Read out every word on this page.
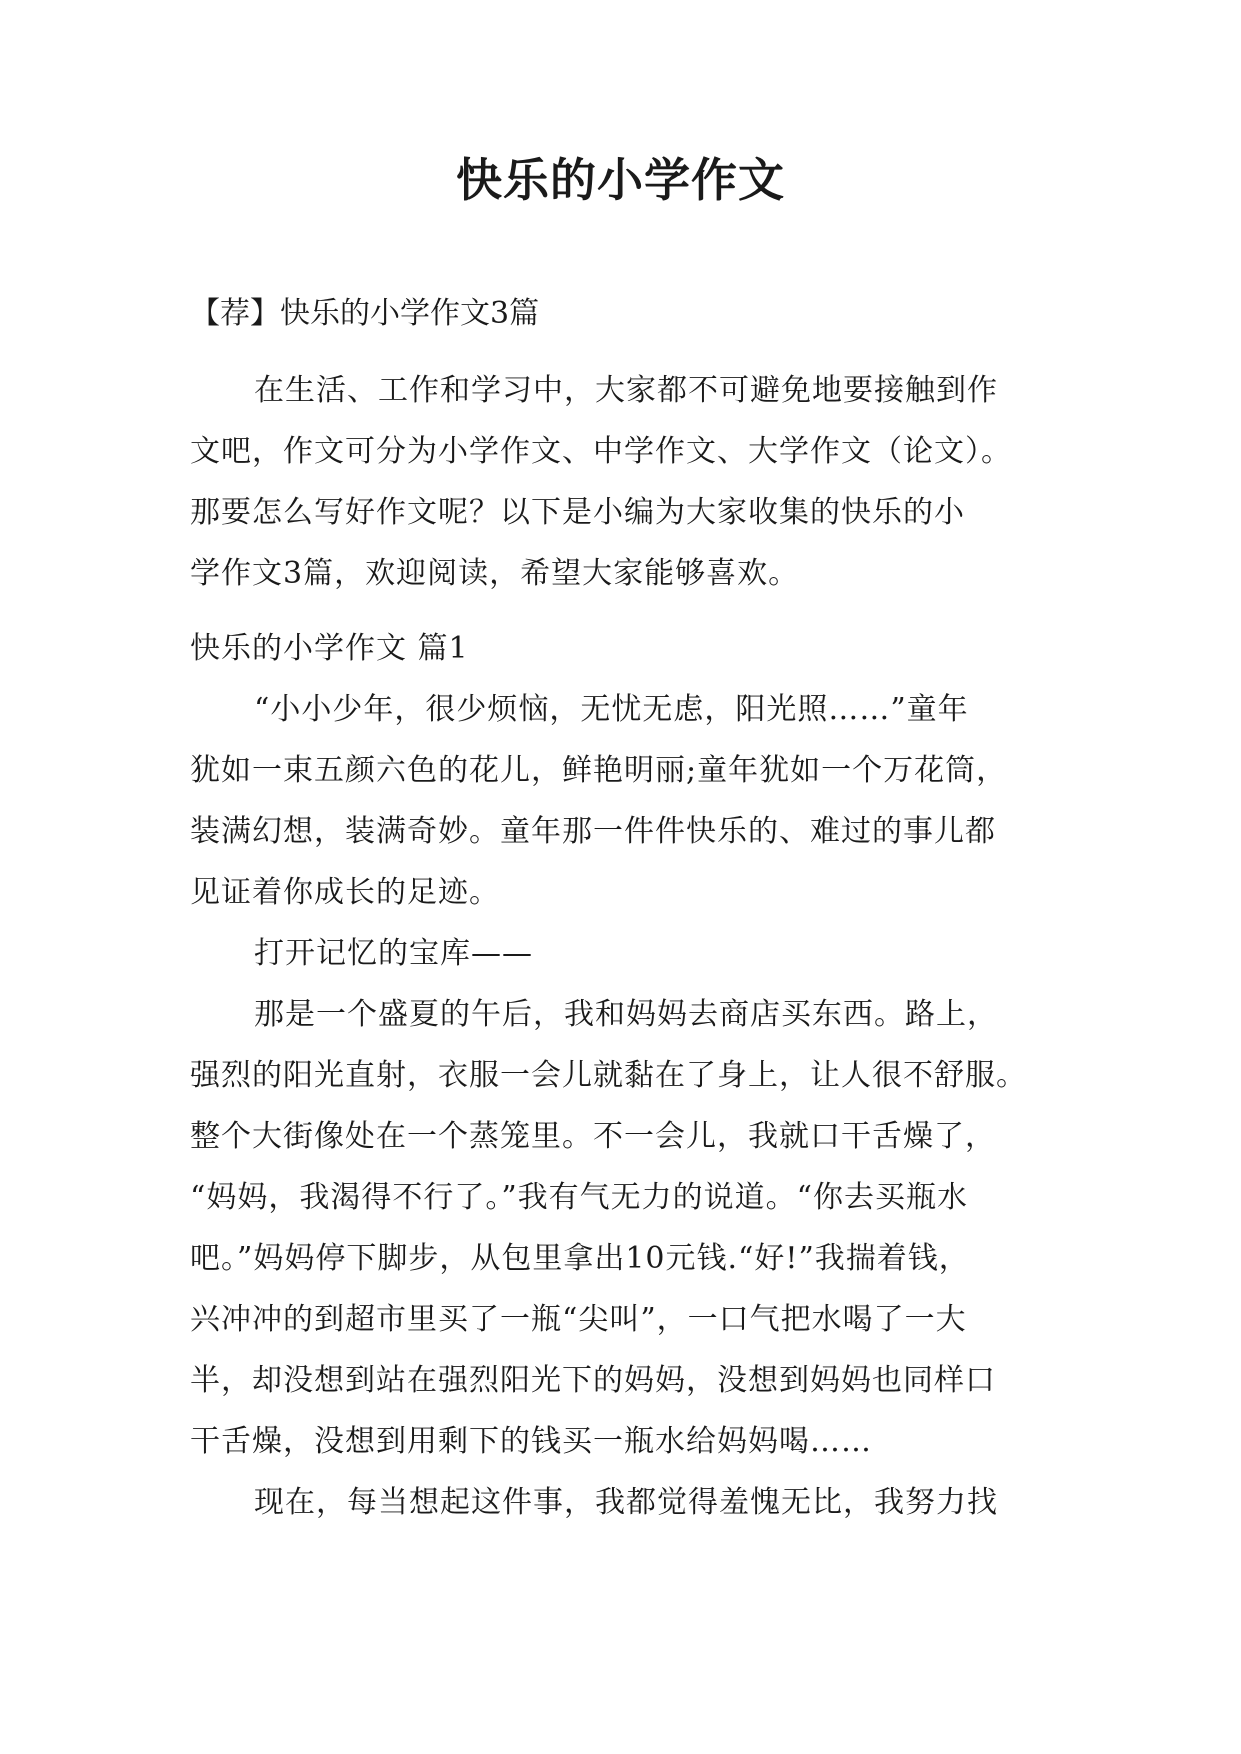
快乐的小学作文
【荐】快乐的小学作文3篇
在生活、工作和学习中，大家都不可避免地要接触到作
文吧，作文可分为小学作文、中学作文、大学作文（论文）。
那要怎么写好作文呢？以下是小编为大家收集的快乐的小
学作文3篇，欢迎阅读，希望大家能够喜欢。
快乐的小学作文 篇1
“小小少年，很少烦恼，无忧无虑，阳光照……”童年
犹如一束五颜六色的花儿，鲜艳明丽;童年犹如一个万花筒，
装满幻想，装满奇妙。童年那一件件快乐的、难过的事儿都
见证着你成长的足迹。
打开记忆的宝库——
那是一个盛夏的午后，我和妈妈去商店买东西。路上，
强烈的阳光直射，衣服一会儿就黏在了身上，让人很不舒服。
整个大街像处在一个蒸笼里。不一会儿，我就口干舌燥了，
“妈妈，我渴得不行了。”我有气无力的说道。“你去买瓶水
吧。”妈妈停下脚步，从包里拿出10元钱.“好!”我揣着钱，
兴冲冲的到超市里买了一瓶“尖叫”，一口气把水喝了一大
半，却没想到站在强烈阳光下的妈妈，没想到妈妈也同样口
干舌燥，没想到用剩下的钱买一瓶水给妈妈喝……
现在，每当想起这件事，我都觉得羞愧无比，我努力找
